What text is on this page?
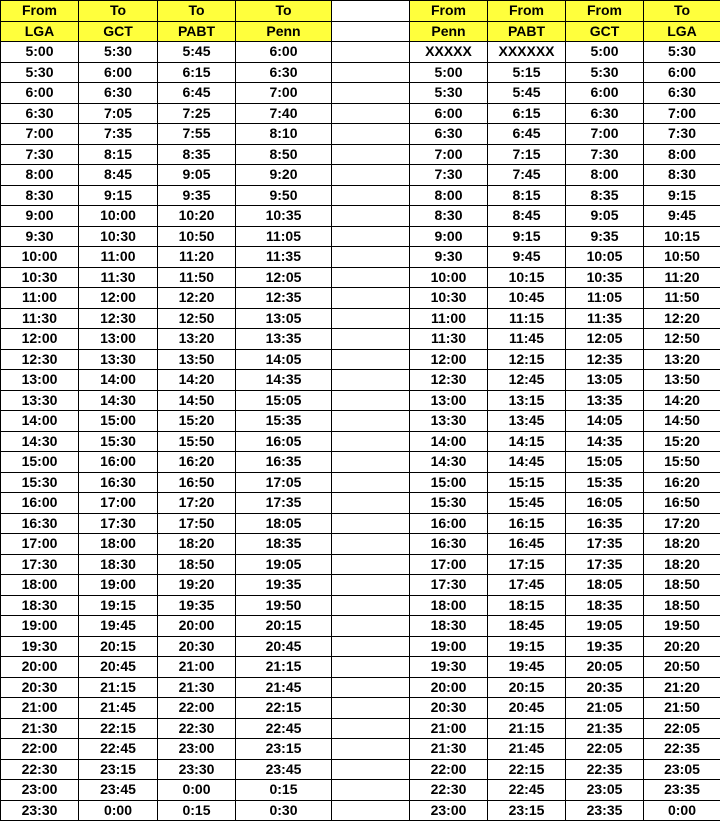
From	To	To	To		From	From	From	To
LGA	GCT	PABT	Penn		Penn	PABT	GCT	LGA
5:00	5:30	5:45	6:00		XXXXX	XXXXXX	5:00	5:30
5:30	6:00	6:15	6:30		5:00	5:15	5:30	6:00
6:00	6:30	6:45	7:00		5:30	5:45	6:00	6:30
6:30	7:05	7:25	7:40		6:00	6:15	6:30	7:00
7:00	7:35	7:55	8:10		6:30	6:45	7:00	7:30
7:30	8:15	8:35	8:50		7:00	7:15	7:30	8:00
8:00	8:45	9:05	9:20		7:30	7:45	8:00	8:30
8:30	9:15	9:35	9:50		8:00	8:15	8:35	9:15
9:00	10:00	10:20	10:35		8:30	8:45	9:05	9:45
9:30	10:30	10:50	11:05		9:00	9:15	9:35	10:15
10:00	11:00	11:20	11:35		9:30	9:45	10:05	10:50
10:30	11:30	11:50	12:05		10:00	10:15	10:35	11:20
11:00	12:00	12:20	12:35		10:30	10:45	11:05	11:50
11:30	12:30	12:50	13:05		11:00	11:15	11:35	12:20
12:00	13:00	13:20	13:35		11:30	11:45	12:05	12:50
12:30	13:30	13:50	14:05		12:00	12:15	12:35	13:20
13:00	14:00	14:20	14:35		12:30	12:45	13:05	13:50
13:30	14:30	14:50	15:05		13:00	13:15	13:35	14:20
14:00	15:00	15:20	15:35		13:30	13:45	14:05	14:50
14:30	15:30	15:50	16:05		14:00	14:15	14:35	15:20
15:00	16:00	16:20	16:35		14:30	14:45	15:05	15:50
15:30	16:30	16:50	17:05		15:00	15:15	15:35	16:20
16:00	17:00	17:20	17:35		15:30	15:45	16:05	16:50
16:30	17:30	17:50	18:05		16:00	16:15	16:35	17:20
17:00	18:00	18:20	18:35		16:30	16:45	17:35	18:20
17:30	18:30	18:50	19:05		17:00	17:15	17:35	18:20
18:00	19:00	19:20	19:35		17:30	17:45	18:05	18:50
18:30	19:15	19:35	19:50		18:00	18:15	18:35	18:50
19:00	19:45	20:00	20:15		18:30	18:45	19:05	19:50
19:30	20:15	20:30	20:45		19:00	19:15	19:35	20:20
20:00	20:45	21:00	21:15		19:30	19:45	20:05	20:50
20:30	21:15	21:30	21:45		20:00	20:15	20:35	21:20
21:00	21:45	22:00	22:15		20:30	20:45	21:05	21:50
21:30	22:15	22:30	22:45		21:00	21:15	21:35	22:05
22:00	22:45	23:00	23:15		21:30	21:45	22:05	22:35
22:30	23:15	23:30	23:45		22:00	22:15	22:35	23:05
23:00	23:45	0:00	0:15		22:30	22:45	23:05	23:35
23:30	0:00	0:15	0:30		23:00	23:15	23:35	0:00
